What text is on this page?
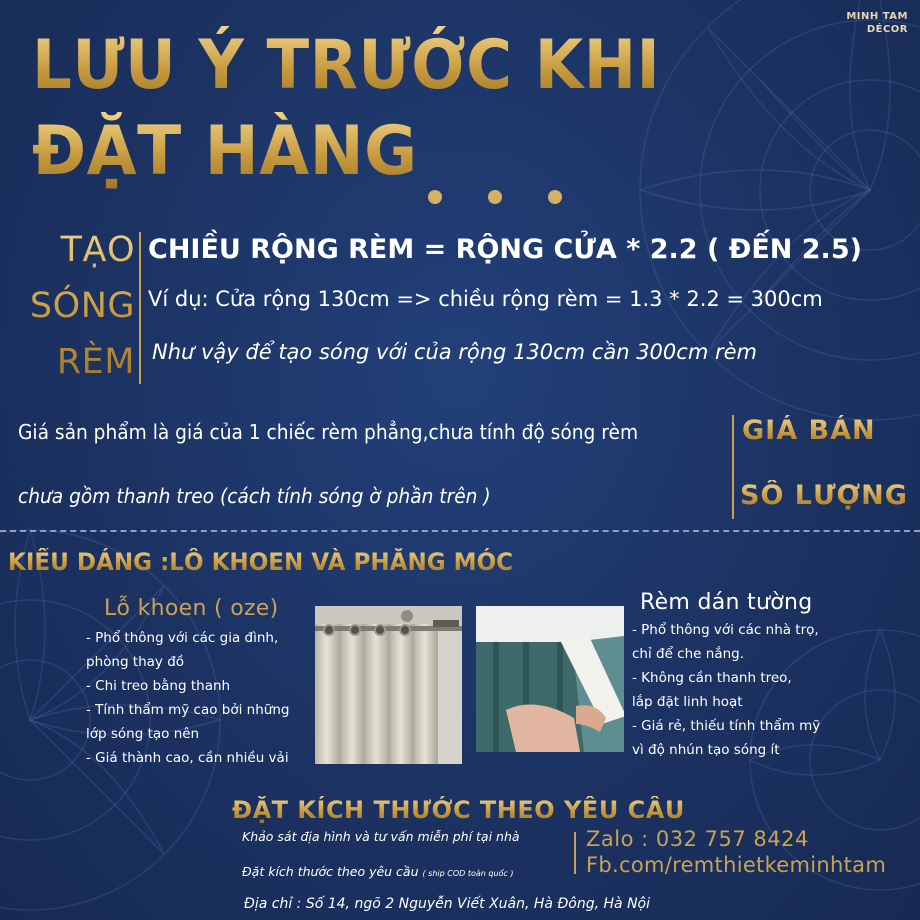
MINH TAM
DÉCOR
LƯU Ý TRƯỚC KHI
ĐẶT HÀNG
TẠO
SÓNG
RÈM
CHIỀU RỘNG RÈM = RỘNG CỬA * 2.2 ( ĐẾN 2.5)
Ví dụ: Cửa rộng 130cm => chiều rộng rèm = 1.3 * 2.2 = 300cm
Như vậy để tạo sóng với của rộng 130cm cần 300cm rèm
Giá sản phẩm là giá của 1 chiếc rèm phẳng,chưa tính độ sóng rèm
chưa gồm thanh treo (cách tính sóng ờ phần trên )
GIÁ BÁN
SỐ LƯỢNG
KIỂU DÁNG :LỖ KHOEN VÀ PHẲNG MÓC
Lỗ khoen ( oze)
- Phổ thông với các gia đình,
phòng thay đồ
- Chi treo bằng thanh
- Tính thẩm mỹ cao bởi những
lớp sóng tạo nên
- Giá thành cao, cần nhiều vải
Rèm dán tường
- Phổ thông với các nhà trọ,
chỉ để che nắng.
- Không cần thanh treo,
lắp đặt linh hoạt
- Giá rẻ, thiếu tính thẩm mỹ
vì độ nhún tạo sóng ít
ĐẶT KÍCH THƯỚC THEO YÊU CẦU
Khảo sát địa hình và tư vấn miễn phí tại nhà
Đặt kích thước theo yêu cầu ( ship COD toàn quốc )
Zalo : 032 757 8424
Fb.com/remthietkeminhtam
Địa chỉ : Số 14, ngõ 2 Nguyễn Viết Xuân, Hà Đông, Hà Nội
